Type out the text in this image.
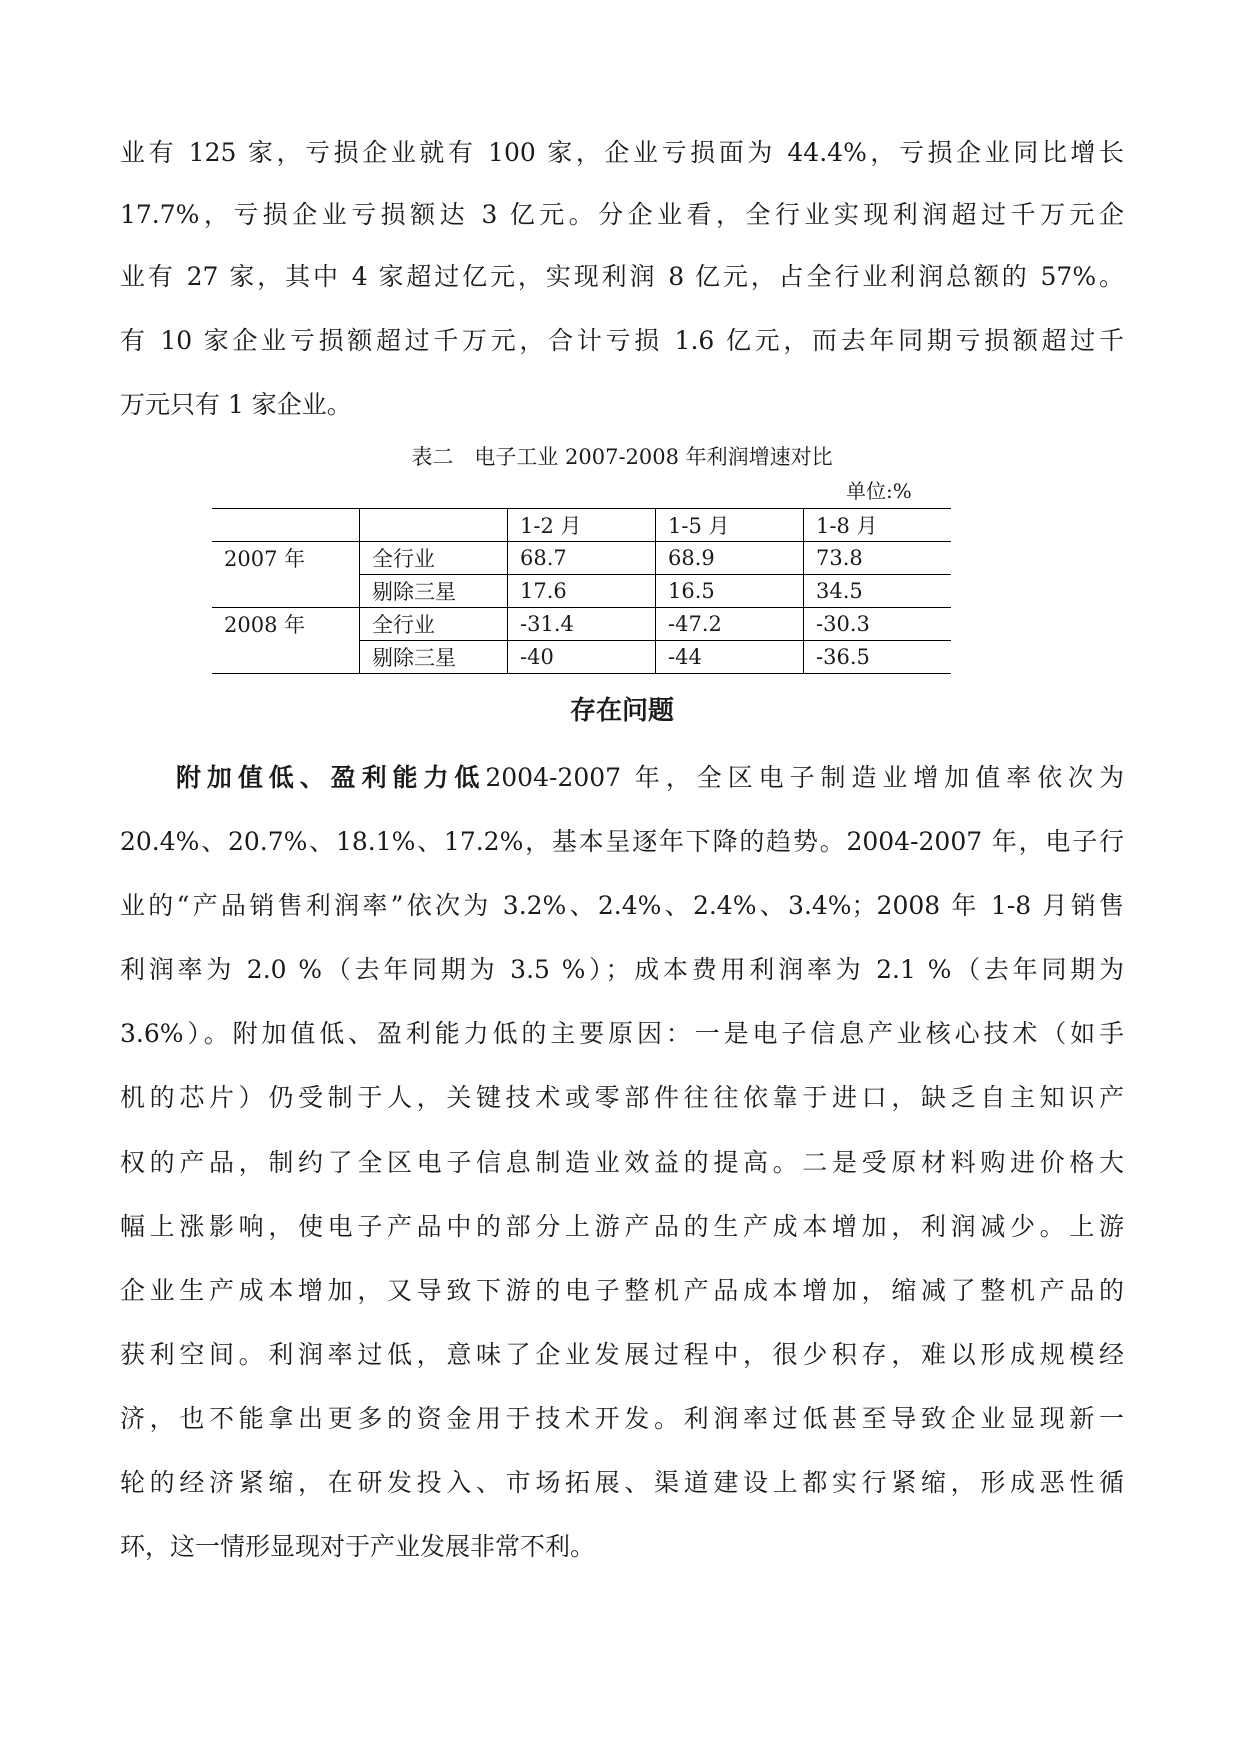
业有 125 家，亏损企业就有 100 家，企业亏损面为 44.4%，亏损企业同比增长
17.7%，亏损企业亏损额达 3 亿元。分企业看，全行业实现利润超过千万元企
业有 27 家，其中 4 家超过亿元，实现利润 8 亿元，占全行业利润总额的 57%。
有 10 家企业亏损额超过千万元，合计亏损 1.6 亿元，而去年同期亏损额超过千
万元只有 1 家企业。
表二　电子工业 2007-2008 年利润增速对比
单位:%
		1-2 月	1-5 月	1-8 月
2007 年	全行业	68.7	68.9	73.8
	剔除三星	17.6	16.5	34.5
2008 年	全行业	-31.4	-47.2	-30.3
	剔除三星	-40	-44	-36.5
存在问题
附加值低、盈利能力低2004-2007 年，全区电子制造业增加值率依次为
20.4%、20.7%、18.1%、17.2%，基本呈逐年下降的趋势。2004-2007 年，电子行
业的“产品销售利润率”依次为 3.2%、2.4%、2.4%、3.4%；2008 年 1-8 月销售
利润率为 2.0 %（去年同期为 3.5 %）；成本费用利润率为 2.1 %（去年同期为
3.6%）。附加值低、盈利能力低的主要原因：一是电子信息产业核心技术（如手
机的芯片）仍受制于人，关键技术或零部件往往依靠于进口，缺乏自主知识产
权的产品，制约了全区电子信息制造业效益的提高。二是受原材料购进价格大
幅上涨影响，使电子产品中的部分上游产品的生产成本增加，利润减少。上游
企业生产成本增加，又导致下游的电子整机产品成本增加，缩减了整机产品的
获利空间。利润率过低，意味了企业发展过程中，很少积存，难以形成规模经
济，也不能拿出更多的资金用于技术开发。利润率过低甚至导致企业显现新一
轮的经济紧缩，在研发投入、市场拓展、渠道建设上都实行紧缩，形成恶性循
环，这一情形显现对于产业发展非常不利。
